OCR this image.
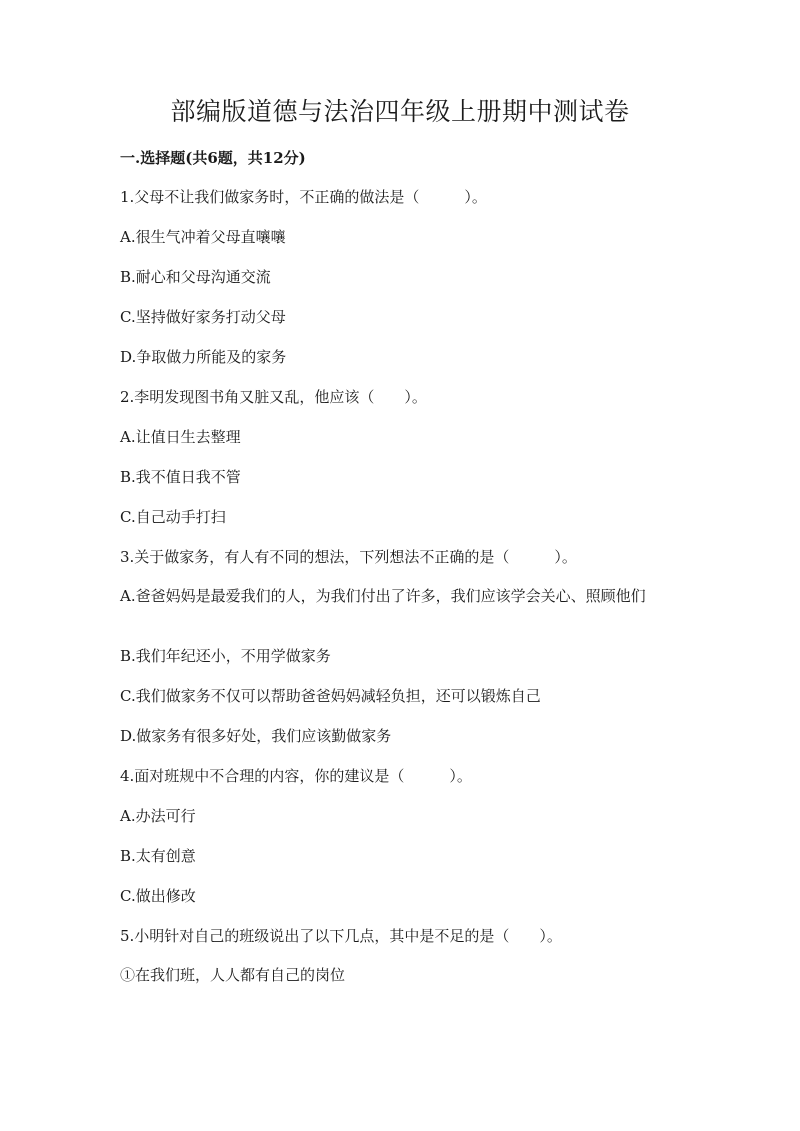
部编版道德与法治四年级上册期中测试卷
一.选择题(共6题，共12分)

1.父母不让我们做家务时，不正确的做法是（　　　）。

A.很生气冲着父母直嚷嚷

B.耐心和父母沟通交流

C.坚持做好家务打动父母

D.争取做力所能及的家务

2.李明发现图书角又脏又乱，他应该（　　）。

A.让值日生去整理

B.我不值日我不管

C.自己动手打扫

3.关于做家务，有人有不同的想法，下列想法不正确的是（　　　）。

A.爸爸妈妈是最爱我们的人，为我们付出了许多，我们应该学会关心、照顾他们

B.我们年纪还小，不用学做家务

C.我们做家务不仅可以帮助爸爸妈妈减轻负担，还可以锻炼自己

D.做家务有很多好处，我们应该勤做家务

4.面对班规中不合理的内容，你的建议是（　　　）。

A.办法可行

B.太有创意

C.做出修改

5.小明针对自己的班级说出了以下几点，其中是不足的是（　　）。

①在我们班，人人都有自己的岗位
